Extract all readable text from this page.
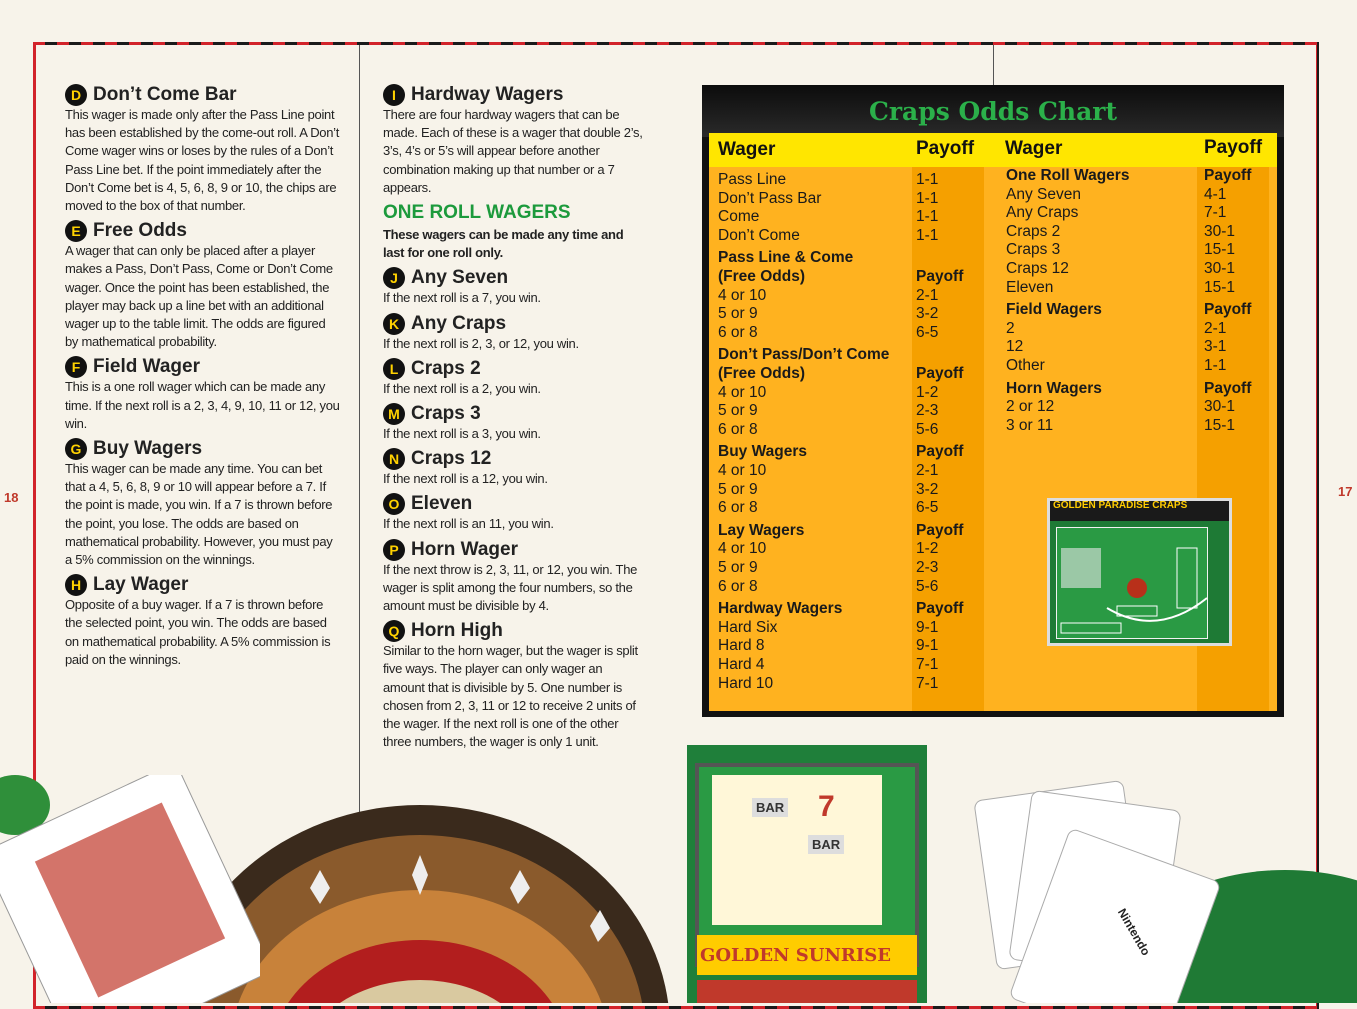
18	17
D Don’t Come Bar

This wager is made only after the Pass Line point has been established by the come-out roll. A Don’t Come wager wins or loses by the rules of a Don’t Pass Line bet. If the point immediately after the Don’t Come bet is 4, 5, 6, 8, 9 or 10, the chips are moved to the box of that number.

E Free Odds

A wager that can only be placed after a player makes a Pass, Don’t Pass, Come or Don’t Come wager. Once the point has been established, the player may back up a line bet with an additional wager up to the table limit. The odds are figured by mathematical probability.

F Field Wager

This is a one roll wager which can be made any time. If the next roll is a 2, 3, 4, 9, 10, 11 or 12, you win.

G Buy Wagers

This wager can be made any time. You can bet that a 4, 5, 6, 8, 9 or 10 will appear before a 7. If the point is made, you win. If a 7 is thrown before the point, you lose. The odds are based on mathematical probability. However, you must pay a 5% commission on the winnings.

H Lay Wager

Opposite of a buy wager. If a 7 is thrown before the selected point, you win. The odds are based on mathematical probability. A 5% commission is paid on the winnings.

I Hardway Wagers

There are four hardway wagers that can be made. Each of these is a wager that double 2’s, 3’s, 4’s or 5’s will appear before another combination making up that number or a 7 appears.

ONE ROLL WAGERS

These wagers can be made any time and last for one roll only.

J Any Seven

If the next roll is a 7, you win.

K Any Craps

If the next roll is 2, 3, or 12, you win.

L Craps 2

If the next roll is a 2, you win.

M Craps 3

If the next roll is a 3, you win.

N Craps 12

If the next roll is a 12, you win.

O Eleven

If the next roll is an 11, you win.

P Horn Wager

If the next throw is 2, 3, 11, or 12, you win. The wager is split among the four numbers, so the amount must be divisible by 4.

Q Horn High

Similar to the horn wager, but the wager is split five ways. The player can only wager an amount that is divisible by 5. One number is chosen from 2, 3, 11 or 12 to receive 2 units of the wager. If the next roll is one of the other three numbers, the wager is only 1 unit.

Craps Odds Chart
Wager	Payoff Wager	Payoff
Pass Line	1-1
Don’t Pass Bar	1-1
Come	1-1
Don’t Come	1-1
Pass Line & Come
(Free Odds)	Payoff
4 or 10	2-1
5 or 9	3-2
6 or 8	6-5
Don’t Pass/Don’t Come
(Free Odds)	Payoff
4 or 10	1-2
5 or 9	2-3
6 or 8	5-6
Buy Wagers	Payoff
4 or 10	2-1
5 or 9	3-2
6 or 8	6-5
Lay Wagers	Payoff
4 or 10	1-2
5 or 9	2-3
6 or 8	5-6
Hardway Wagers	Payoff
Hard Six	9-1
Hard 8	9-1
Hard 4	7-1
Hard 10	7-1
One Roll Wagers	Payoff
Any Seven	4-1
Any Craps	7-1
Craps 2	30-1
Craps 3	15-1
Craps 12	30-1
Eleven	15-1
Field Wagers	Payoff
2	2-1
12	3-1
Other	1-1
Horn Wagers	Payoff
2 or 12	30-1
3 or 11	15-1
GOLDEN PARADISE CRAPS
GOLDEN SUNRISE
BAR 7
BAR
Nintendo
